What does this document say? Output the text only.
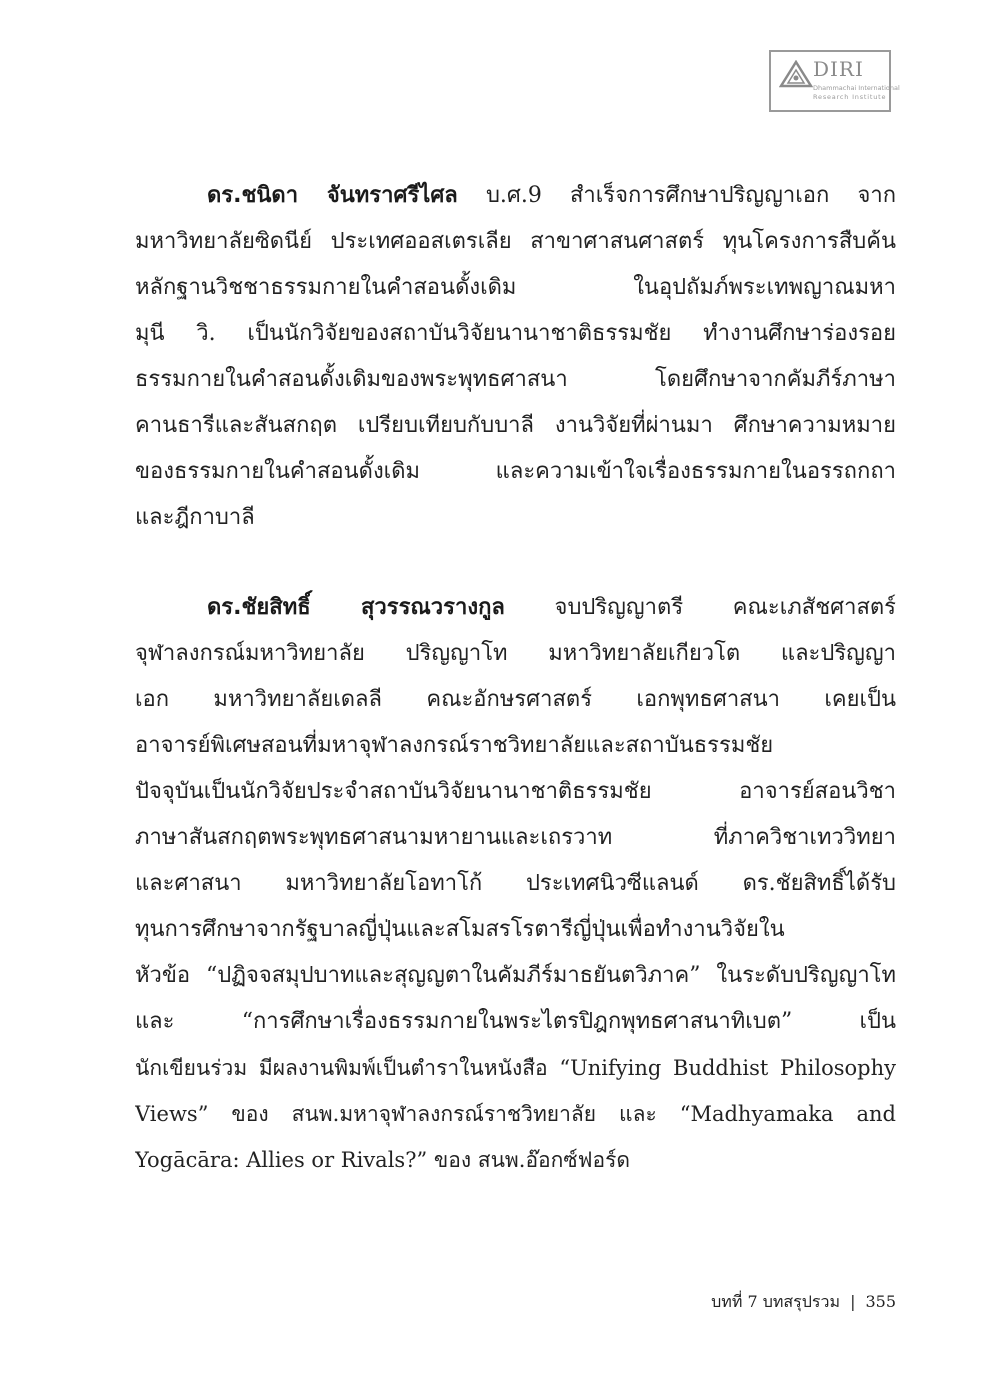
DIRI
Dhammachai International
Research Institute
ดร.ชนิดา จันทราศรีไศล บ.ศ.9 สำเร็จการศึกษาปริญญาเอก จาก
มหาวิทยาลัยซิดนีย์ ประเทศออสเตรเลีย สาขาศาสนศาสตร์ ทุนโครงการสืบค้น
หลักฐานวิชชาธรรมกายในคำสอนดั้งเดิม ในอุปถัมภ์พระเทพญาณมหา
มุนี วิ. เป็นนักวิจัยของสถาบันวิจัยนานาชาติธรรมชัย ทำงานศึกษาร่องรอย
ธรรมกายในคำสอนดั้งเดิมของพระพุทธศาสนา โดยศึกษาจากคัมภีร์ภาษา
คานธารีและสันสกฤต เปรียบเทียบกับบาลี งานวิจัยที่ผ่านมา ศึกษาความหมาย
ของธรรมกายในคำสอนดั้งเดิม และความเข้าใจเรื่องธรรมกายในอรรถกถา
และฎีกาบาลี
ดร.ชัยสิทธิ์ สุวรรณวรางกูล จบปริญญาตรี คณะเภสัชศาสตร์
จุฬาลงกรณ์มหาวิทยาลัย ปริญญาโท มหาวิทยาลัยเกียวโต และปริญญา
เอก มหาวิทยาลัยเดลลี คณะอักษรศาสตร์ เอกพุทธศาสนา เคยเป็น
อาจารย์พิเศษสอนที่มหาจุฬาลงกรณ์ราชวิทยาลัยและสถาบันธรรมชัย
ปัจจุบันเป็นนักวิจัยประจำสถาบันวิจัยนานาชาติธรรมชัย อาจารย์สอนวิชา
ภาษาสันสกฤตพระพุทธศาสนามหายานและเถรวาท ที่ภาควิชาเทววิทยา
และศาสนา มหาวิทยาลัยโอทาโก้ ประเทศนิวซีแลนด์ ดร.ชัยสิทธิ์ได้รับ
ทุนการศึกษาจากรัฐบาลญี่ปุ่นและสโมสรโรตารีญี่ปุ่นเพื่อทำงานวิจัยใน
หัวข้อ “ปฏิจจสมุปบาทและสุญญตาในคัมภีร์มาธยันตวิภาค” ในระดับปริญญาโท
และ “การศึกษาเรื่องธรรมกายในพระไตรปิฎกพุทธศาสนาทิเบต” เป็น
นักเขียนร่วม มีผลงานพิมพ์เป็นตำราในหนังสือ “Unifying Buddhist Philosophy
Views” ของ สนพ.มหาจุฬาลงกรณ์ราชวิทยาลัย และ “Madhyamaka and
Yogācāra: Allies or Rivals?” ของ สนพ.อ๊อกซ์ฟอร์ด
บทที่ 7 บทสรุปรวม | 355
